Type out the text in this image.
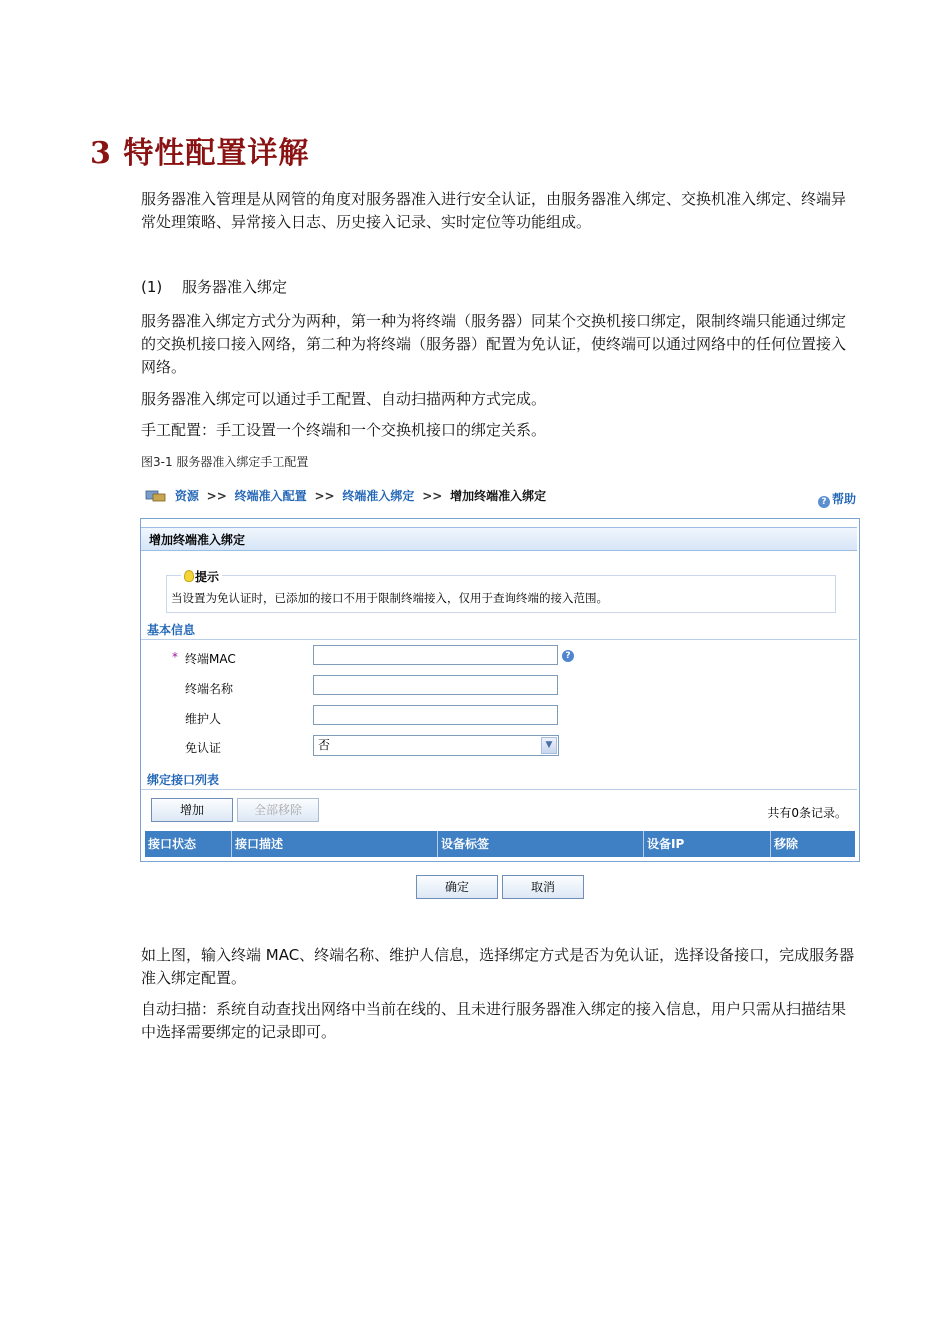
3 特性配置详解
服务器准入管理是从网管的角度对服务器准入进行安全认证，由服务器准入绑定、交换机准入绑定、终端异常处理策略、异常接入日志、历史接入记录、实时定位等功能组成。
(1)　 服务器准入绑定
服务器准入绑定方式分为两种，第一种为将终端（服务器）同某个交换机接口绑定，限制终端只能通过绑定的交换机接口接入网络，第二种为将终端（服务器）配置为免认证，使终端可以通过网络中的任何位置接入网络。
服务器准入绑定可以通过手工配置、自动扫描两种方式完成。
手工配置：手工设置一个终端和一个交换机接口的绑定关系。
图3-1 服务器准入绑定手工配置
资源 >> 终端准入配置 >> 终端准入绑定 >> 增加终端准入绑定	? 帮助
增加终端准入绑定
提示
当设置为免认证时，已添加的接口不用于限制终端接入，仅用于查询终端的接入范围。
基本信息
* 终端MAC	?
终端名称
维护人
免认证	否	▼
绑定接口列表
增加	全部移除	共有0条记录。
接口状态	接口描述	设备标签	设备IP	移除
确定	取消
如上图，输入终端 MAC、终端名称、维护人信息，选择绑定方式是否为免认证，选择设备接口，完成服务器准入绑定配置。
自动扫描：系统自动查找出网络中当前在线的、且未进行服务器准入绑定的接入信息，用户只需从扫描结果中选择需要绑定的记录即可。
